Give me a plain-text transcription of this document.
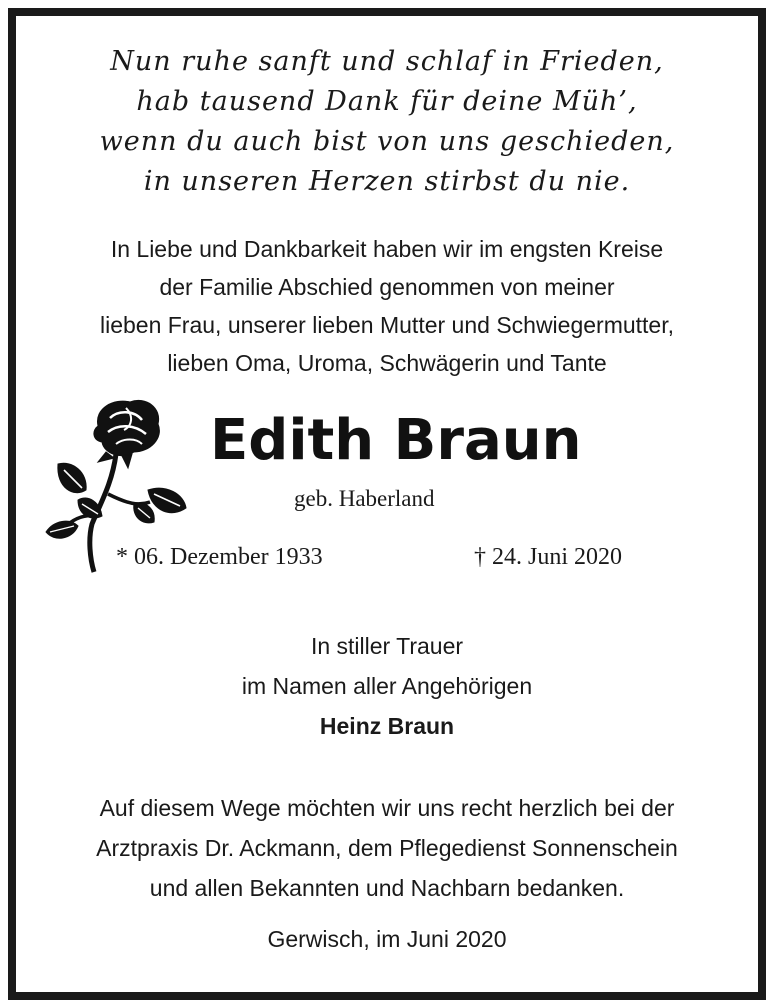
Nun ruhe sanft und schlaf in Frieden,
hab tausend Dank für deine Müh’,
wenn du auch bist von uns geschieden,
in unseren Herzen stirbst du nie.
In Liebe und Dankbarkeit haben wir im engsten Kreise
der Familie Abschied genommen von meiner
lieben Frau, unserer lieben Mutter und Schwiegermutter,
lieben Oma, Uroma, Schwägerin und Tante
Edith Braun
geb. Haberland
* 06. Dezember 1933	† 24. Juni 2020
In stiller Trauer
im Namen aller Angehörigen
Heinz Braun
Auf diesem Wege möchten wir uns recht herzlich bei der
Arztpraxis Dr. Ackmann, dem Pflegedienst Sonnenschein
und allen Bekannten und Nachbarn bedanken.
Gerwisch, im Juni 2020
